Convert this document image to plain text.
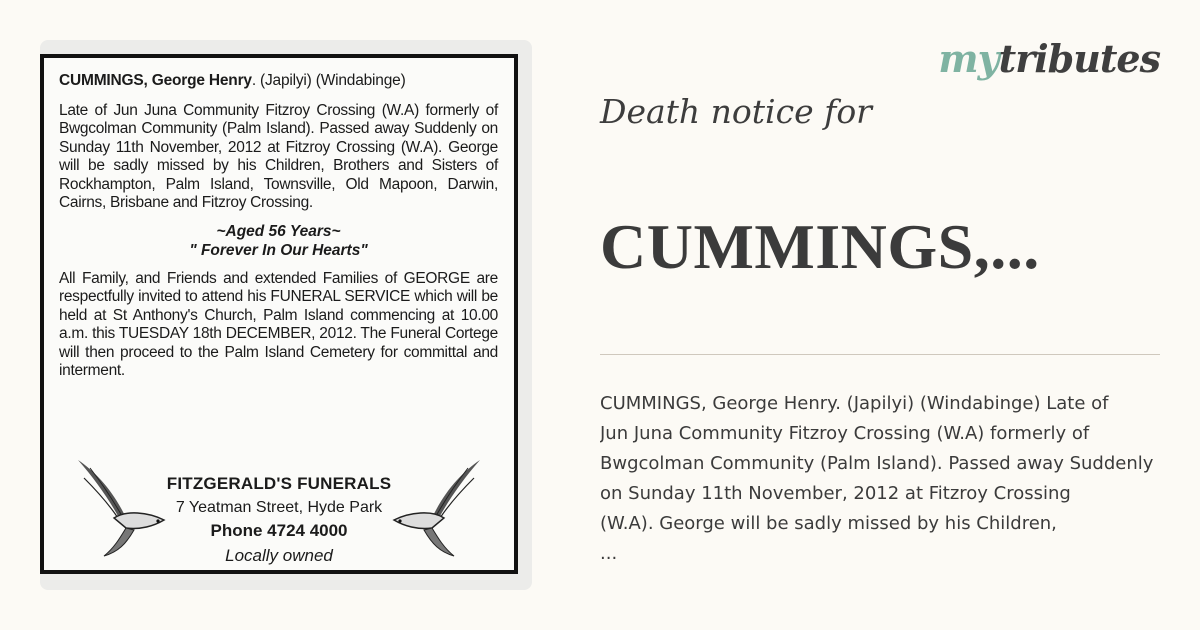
CUMMINGS, George Henry. (Japilyi) (Windabinge)

Late of Jun Juna Community Fitzroy Crossing (W.A) formerly of Bwgcolman Community (Palm Island). Passed away Suddenly on Sunday 11th November, 2012 at Fitzroy Crossing (W.A). George will be sadly missed by his Children, Brothers and Sisters of Rockhampton, Palm Island, Townsville, Old Mapoon, Darwin, Cairns, Brisbane and Fitzroy Crossing.

~Aged 56 Years~
" Forever In Our Hearts"

All Family, and Friends and extended Families of GEORGE are respectfully invited to attend his FUNERAL SERVICE which will be held at St Anthony's Church, Palm Island commencing at 10.00 a.m. this TUESDAY 18th DECEMBER, 2012. The Funeral Cortege will then proceed to the Palm Island Cemetery for committal and interment.

FITZGERALD'S FUNERALS
7 Yeatman Street, Hyde Park
Phone 4724 4000
Locally owned
mytributes
Death notice for
CUMMINGS,...
CUMMINGS, George Henry. (Japilyi) (Windabinge) Late of
Jun Juna Community Fitzroy Crossing (W.A) formerly of
Bwgcolman Community (Palm Island). Passed away Suddenly
on Sunday 11th November, 2012 at Fitzroy Crossing
(W.A). George will be sadly missed by his Children,
...
